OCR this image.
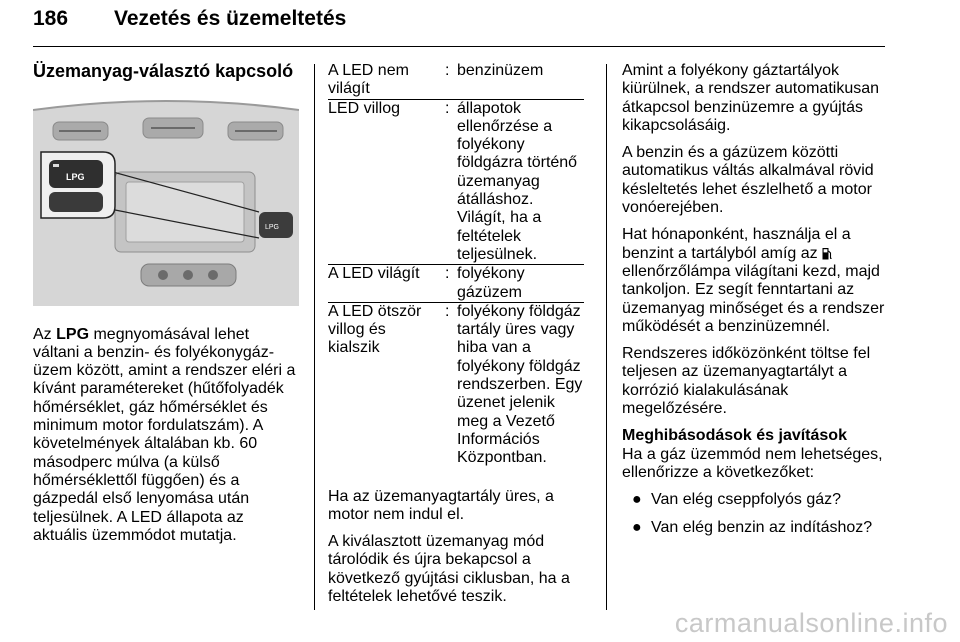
186 Vezetés és üzemeltetés
Üzemanyag-választó kapcsoló
LPG
LPG

Az LPG megnyomásával lehet váltani a benzin- és folyékonygáz-üzem között, amint a rendszer eléri a kívánt paramétereket (hűtőfolyadék hőmérséklet, gáz hőmérséklet és minimum motor fordulatszám). A követelmények általában kb. 60 másodperc múlva (a külső hőmérséklettől függően) és a gázpedál első lenyomása után teljesülnek. A LED állapota az aktuális üzemmódot mutatja.

A LED nem világít	:	benzinüzem
LED villog	:	állapotok ellenőrzése a folyékony földgázra történő üzemanyag átálláshoz. Világít, ha a feltételek teljesülnek.
A LED világít	:	folyékony gázüzem
A LED ötször villog és kialszik	:	folyékony földgáz tartály üres vagy hiba van a folyékony földgáz rendszerben. Egy üzenet jelenik meg a Vezető Információs Központban.

Ha az üzemanyagtartály üres, a motor nem indul el.

A kiválasztott üzemanyag mód tárolódik és újra bekapcsol a következő gyújtási ciklusban, ha a feltételek lehetővé teszik.

Amint a folyékony gáztartályok kiürülnek, a rendszer automatikusan átkapcsol benzinüzemre a gyújtás kikapcsolásáig.

A benzin és a gázüzem közötti automatikus váltás alkalmával rövid késleltetés lehet észlelhető a motor vonóerejében.

Hat hónaponként, használja el a benzint a tartályból amíg az  ellenőrzőlámpa világítani kezd, majd tankoljon. Ez segít fenntartani az üzemanyag minőséget és a rendszer működését a benzinüzemnél.

Rendszeres időközönként töltse fel teljesen az üzemanyagtartályt a korrózió kialakulásának megelőzésére.

Meghibásodások és javítások

Ha a gáz üzemmód nem lehetséges, ellenőrizze a következőket:

● Van elég cseppfolyós gáz?
● Van elég benzin az indításhoz?
carmanualsonline.info
